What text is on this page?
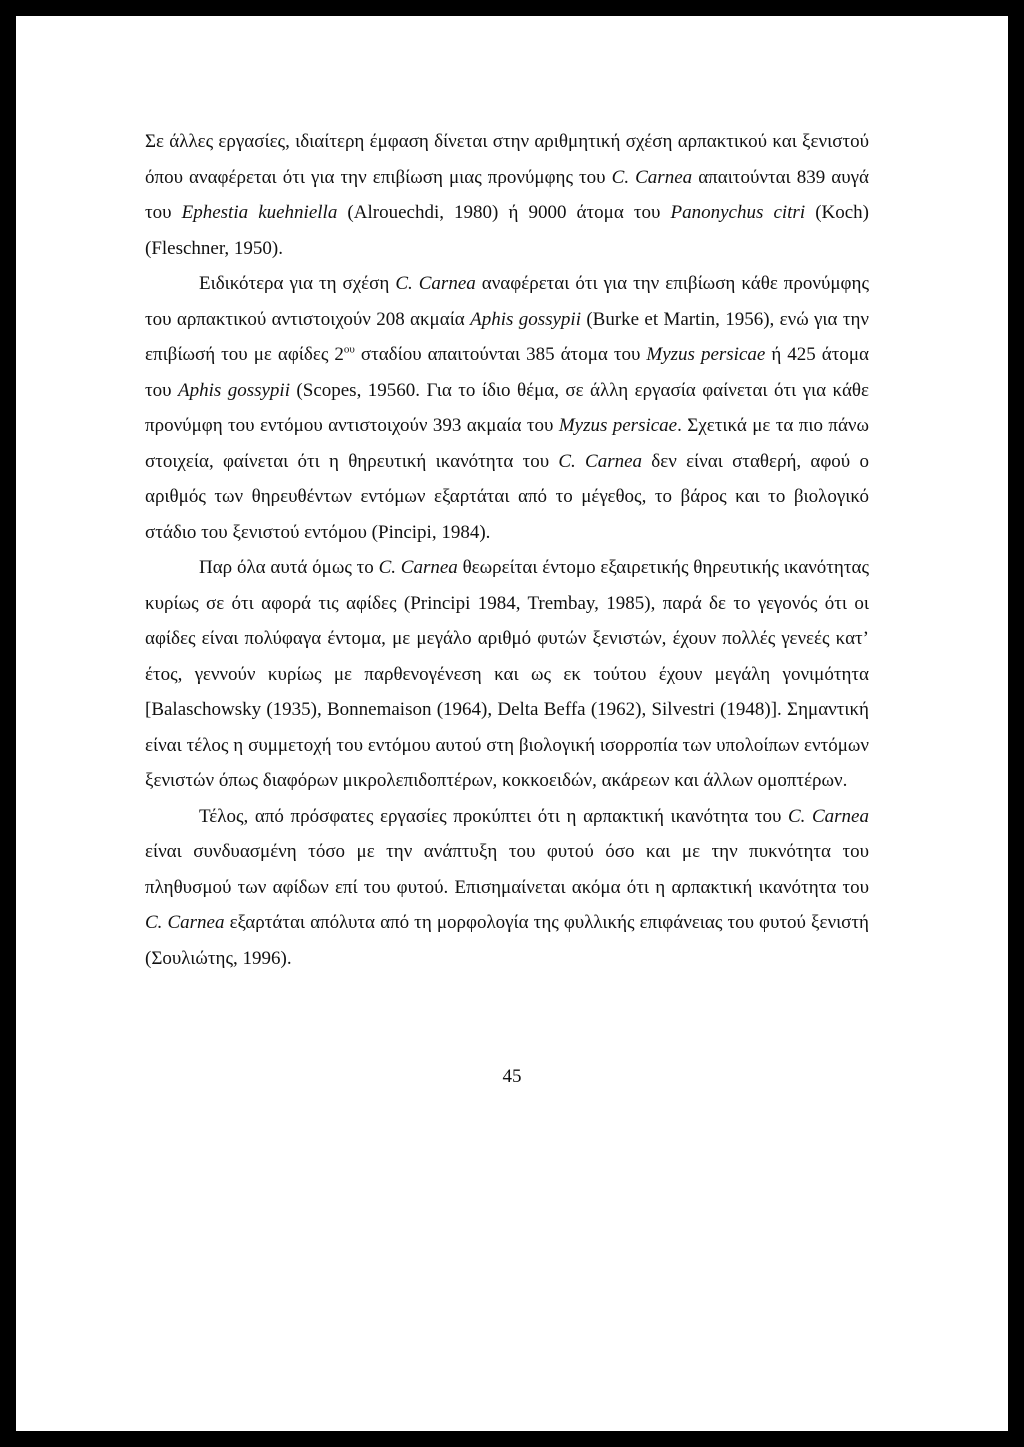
Σε άλλες εργασίες, ιδιαίτερη έμφαση δίνεται στην αριθμητική σχέση αρπακτικού και ξενιστού όπου αναφέρεται ότι για την επιβίωση μιας προνύμφης του C. Carnea απαιτούνται 839 αυγά του Ephestia kuehniella (Alrouechdi, 1980) ή 9000 άτομα του Panonychus citri (Koch) (Fleschner, 1950).

Ειδικότερα για τη σχέση C. Carnea αναφέρεται ότι για την επιβίωση κάθε προνύμφης του αρπακτικού αντιστοιχούν 208 ακμαία Aphis gossypii (Burke et Martin, 1956), ενώ για την επιβίωσή του με αφίδες $2^{o\upsilon}$ σταδίου απαιτούνται 385 άτομα του Myzus persicae ή 425 άτομα του Aphis gossypii (Scopes, 19560. Για το ίδιο θέμα, σε άλλη εργασία φαίνεται ότι για κάθε προνύμφη του εντόμου αντιστοιχούν 393 ακμαία του Myzus persicae. Σχετικά με τα πιο πάνω στοιχεία, φαίνεται ότι η θηρευτική ικανότητα του C. Carnea δεν είναι σταθερή, αφού ο αριθμός των θηρευθέντων εντόμων εξαρτάται από το μέγεθος, το βάρος και το βιολογικό στάδιο του ξενιστού εντόμου (Pincipi, 1984).

Παρ όλα αυτά όμως το C. Carnea θεωρείται έντομο εξαιρετικής θηρευτικής ικανότητας κυρίως σε ότι αφορά τις αφίδες (Principi 1984, Trembay, 1985), παρά δε το γεγονός ότι οι αφίδες είναι πολύφαγα έντομα, με μεγάλο αριθμό φυτών ξενιστών, έχουν πολλές γενεές κατ’ έτος, γεννούν κυρίως με παρθενογένεση και ως εκ τούτου έχουν μεγάλη γονιμότητα [Balaschowsky (1935), Bonnemaison (1964), Delta Beffa (1962), Silvestri (1948)]. Σημαντική είναι τέλος η συμμετοχή του εντόμου αυτού στη βιολογική ισορροπία των υπολοίπων εντόμων ξενιστών όπως διαφόρων μικρολεπιδοπτέρων, κοκκοειδών, ακάρεων και άλλων ομοπτέρων.

Τέλος, από πρόσφατες εργασίες προκύπτει ότι η αρπακτική ικανότητα του C. Carnea είναι συνδυασμένη τόσο με την ανάπτυξη του φυτού όσο και με την πυκνότητα του πληθυσμού των αφίδων επί του φυτού. Επισημαίνεται ακόμα ότι η αρπακτική ικανότητα του C. Carnea εξαρτάται απόλυτα από τη μορφολογία της φυλλικής επιφάνειας του φυτού ξενιστή (Σουλιώτης, 1996).

45
